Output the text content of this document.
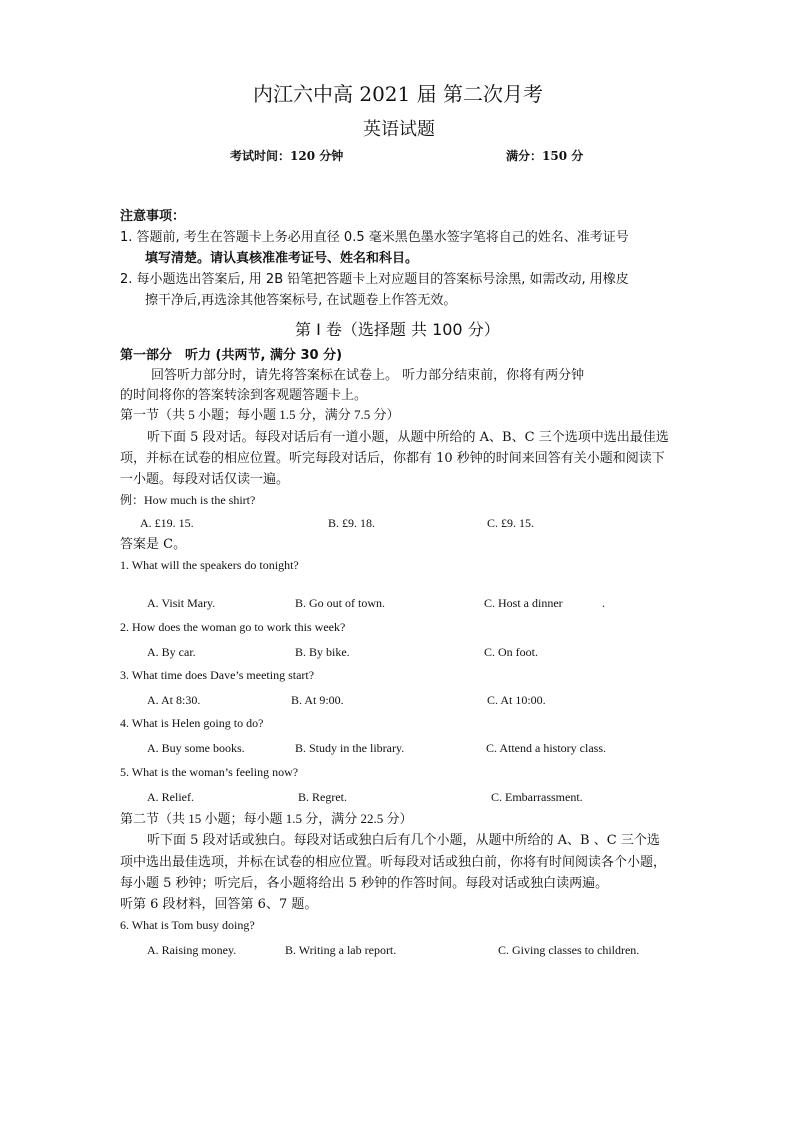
内江六中高 2021 届 第二次月考
英语试题
考试时间：120 分钟	满分：150 分
注意事项：
1. 答题前, 考生在答题卡上务必用直径 0.5 毫米黑色墨水签字笔将自己的姓名、准考证号
填写清楚。请认真核准准考证号、姓名和科目。
2. 每小题选出答案后, 用 2B 铅笔把答题卡上对应题目的答案标号涂黑, 如需改动, 用橡皮
擦干净后,再选涂其他答案标号, 在试题卷上作答无效。
第 I 卷（选择题 共 100 分）
第一部分　听力 (共两节, 满分 30 分)
回答听力部分时，请先将答案标在试卷上。 听力部分结束前，你将有两分钟
的时间将你的答案转涂到客观题答题卡上。
第一节（共 5 小题；每小题 1.5 分，满分 7.5 分）
听下面 5 段对话。每段对话后有一道小题，从题中所给的 A、B、C 三个选项中选出最佳选
项，并标在试卷的相应位置。听完每段对话后，你都有 10 秒钟的时间来回答有关小题和阅读下
一小题。每段对话仅读一遍。
例：How much is the shirt?
A. £19. 15.	B. £9. 18.	C. £9. 15.
答案是 C。
1. What will the speakers do tonight?
A. Visit Mary.	B. Go out of town.	C. Host a dinner	.
2. How does the woman go to work this week?
A. By car.	B. By bike.	C. On foot.
3. What time does Dave’s meeting start?
A. At 8:30.	B. At 9:00.	C. At 10:00.
4. What is Helen going to do?
A. Buy some books.	B. Study in the library.	C. Attend a history class.
5. What is the woman’s feeling now?
A. Relief.	B. Regret.	C. Embarrassment.
第二节（共 15 小题；每小题 1.5 分，满分 22.5 分）
听下面 5 段对话或独白。每段对话或独白后有几个小题，从题中所给的 A、B 、C 三个选
项中选出最佳选项，并标在试卷的相应位置。听每段对话或独白前，你将有时间阅读各个小题，
每小题 5 秒钟；听完后，各小题将给出 5 秒钟的作答时间。每段对话或独白读两遍。
听第 6 段材料，回答第 6、7 题。
6. What is Tom busy doing?
A. Raising money.	B. Writing a lab report.	C. Giving classes to children.
